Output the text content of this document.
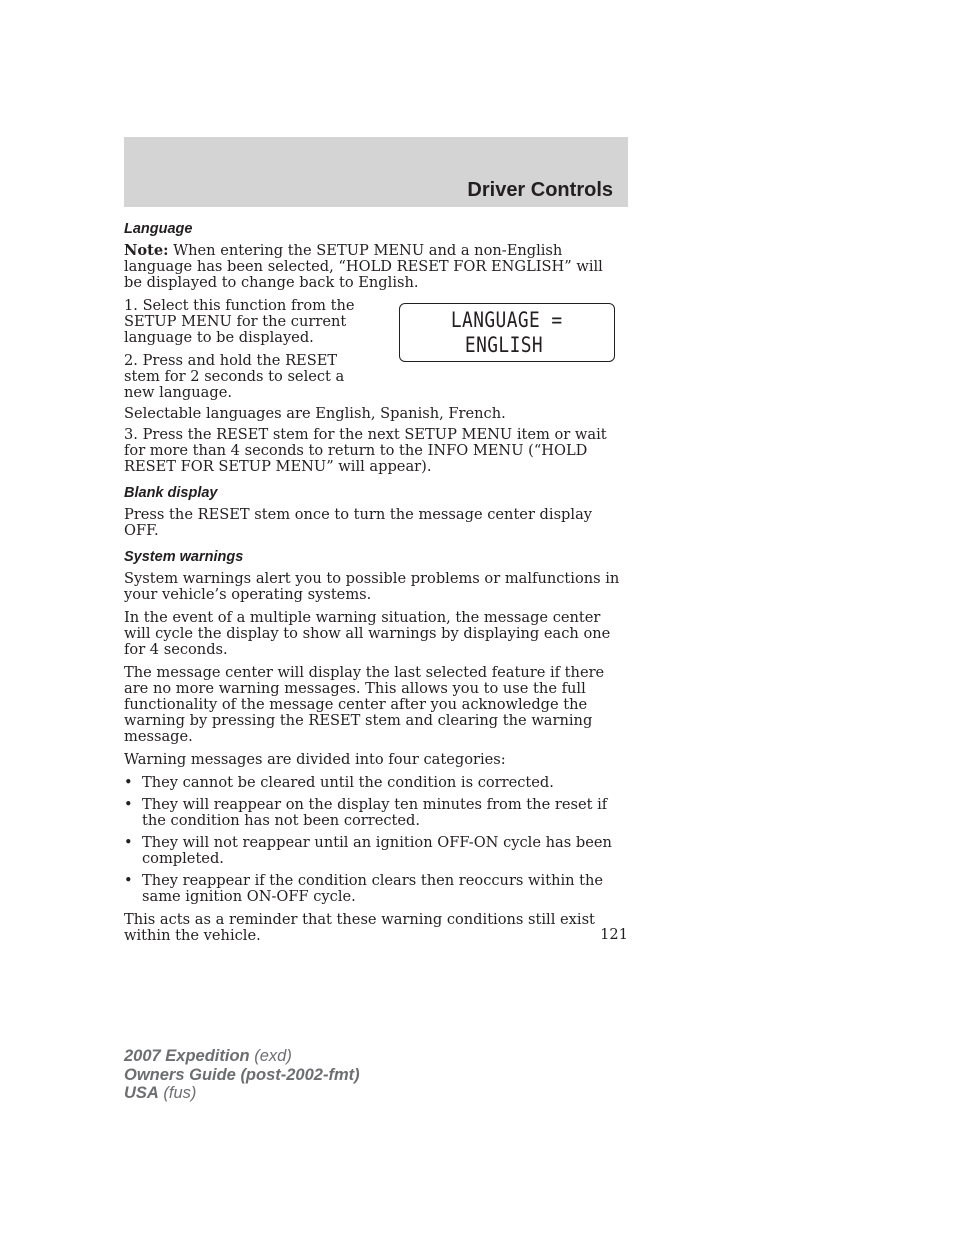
Driver Controls
Language

Note: When entering the SETUP MENU and a non-English language has been selected, “HOLD RESET FOR ENGLISH” will be displayed to change back to English.

1. Select this function from the SETUP MENU for the current language to be displayed.

2. Press and hold the RESET stem for 2 seconds to select a new language.

LANGUAGE =
ENGLISH

Selectable languages are English, Spanish, French.

3. Press the RESET stem for the next SETUP MENU item or wait for more than 4 seconds to return to the INFO MENU (“HOLD RESET FOR SETUP MENU” will appear).

Blank display

Press the RESET stem once to turn the message center display OFF.

System warnings

System warnings alert you to possible problems or malfunctions in your vehicle’s operating systems.

In the event of a multiple warning situation, the message center will cycle the display to show all warnings by displaying each one for 4 seconds.

The message center will display the last selected feature if there are no more warning messages. This allows you to use the full functionality of the message center after you acknowledge the warning by pressing the RESET stem and clearing the warning message.

Warning messages are divided into four categories:

• They cannot be cleared until the condition is corrected.
• They will reappear on the display ten minutes from the reset if the condition has not been corrected.
• They will not reappear until an ignition OFF-ON cycle has been completed.
• They reappear if the condition clears then reoccurs within the same ignition ON-OFF cycle.

This acts as a reminder that these warning conditions still exist within the vehicle.	121
2007 Expedition (exd)
Owners Guide (post-2002-fmt)
USA (fus)
